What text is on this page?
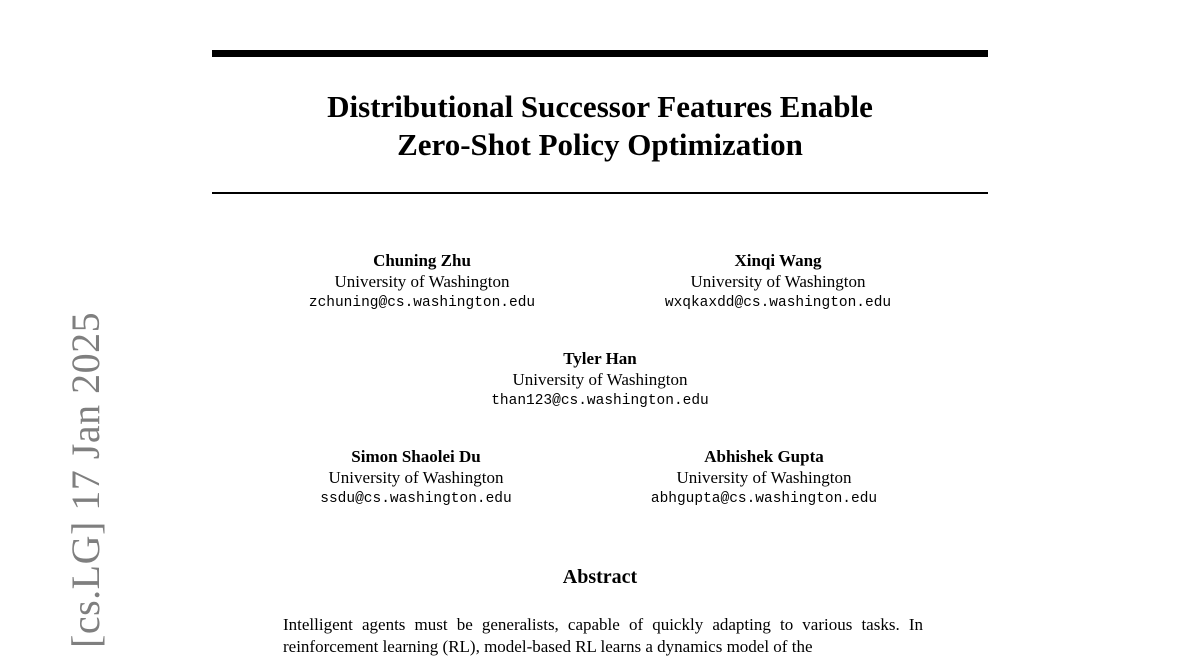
[cs.LG] 17 Jan 2025
Distributional Successor Features Enable
Zero-Shot Policy Optimization
Chuning Zhu
University of Washington
zchuning@cs.washington.edu
Xinqi Wang
University of Washington
wxqkaxdd@cs.washington.edu
Tyler Han
University of Washington
than123@cs.washington.edu
Simon Shaolei Du
University of Washington
ssdu@cs.washington.edu
Abhishek Gupta
University of Washington
abhgupta@cs.washington.edu
Abstract
Intelligent agents must be generalists, capable of quickly adapting to various tasks. In reinforcement learning (RL), model-based RL learns a dynamics model of the
